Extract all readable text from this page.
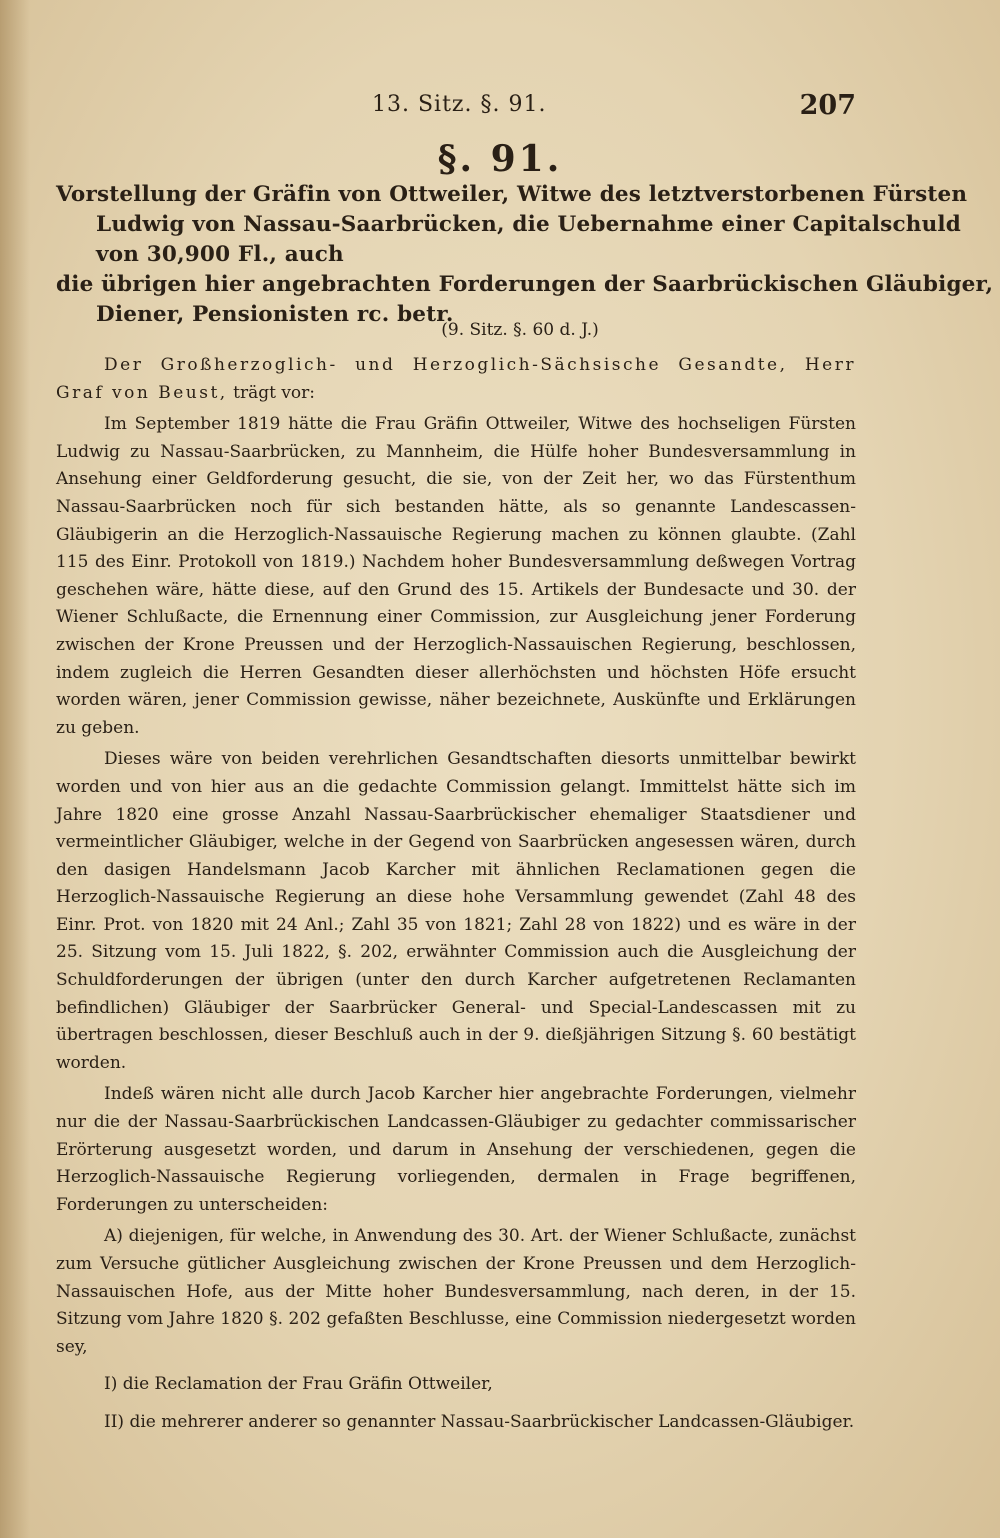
13. Sitz. §. 91.	207
§. 91.
Vorstellung der Gräfin von Ottweiler, Witwe des letztverstorbenen Fürsten
Ludwig von Nassau-Saarbrücken, die Uebernahme einer Capitalschuld
von 30,900 Fl., auch
die übrigen hier angebrachten Forderungen der Saarbrückischen Gläubiger,
Diener, Pensionisten rc. betr.
(9. Sitz. §. 60 d. J.)

Der Großherzoglich- und Herzoglich-Sächsische Gesandte, Herr Graf von Beust, trägt vor:

Im September 1819 hätte die Frau Gräfin Ottweiler, Witwe des hochseligen Fürsten Ludwig zu Nassau-Saarbrücken, zu Mannheim, die Hülfe hoher Bundesversammlung in Ansehung einer Geldforderung gesucht, die sie, von der Zeit her, wo das Fürstenthum Nassau-Saarbrücken noch für sich bestanden hätte, als so genannte Landescassen-Gläubigerin an die Herzoglich-Nassauische Regierung machen zu können glaubte. (Zahl 115 des Einr. Protokoll von 1819.) Nachdem hoher Bundesversammlung deßwegen Vortrag geschehen wäre, hätte diese, auf den Grund des 15. Artikels der Bundesacte und 30. der Wiener Schlußacte, die Ernennung einer Commission, zur Ausgleichung jener Forderung zwischen der Krone Preussen und der Herzoglich-Nassauischen Regierung, beschlossen, indem zugleich die Herren Gesandten dieser allerhöchsten und höchsten Höfe ersucht worden wären, jener Commission gewisse, näher bezeichnete, Auskünfte und Erklärungen zu geben.

Dieses wäre von beiden verehrlichen Gesandtschaften diesorts unmittelbar bewirkt worden und von hier aus an die gedachte Commission gelangt. Immittelst hätte sich im Jahre 1820 eine grosse Anzahl Nassau-Saarbrückischer ehemaliger Staatsdiener und vermeintlicher Gläubiger, welche in der Gegend von Saarbrücken angesessen wären, durch den dasigen Handelsmann Jacob Karcher mit ähnlichen Reclamationen gegen die Herzoglich-Nassauische Regierung an diese hohe Versammlung gewendet (Zahl 48 des Einr. Prot. von 1820 mit 24 Anl.; Zahl 35 von 1821; Zahl 28 von 1822) und es wäre in der 25. Sitzung vom 15. Juli 1822, §. 202, erwähnter Commission auch die Ausgleichung der Schuldforderungen der übrigen (unter den durch Karcher aufgetretenen Reclamanten befindlichen) Gläubiger der Saarbrücker General- und Special-Landescassen mit zu übertragen beschlossen, dieser Beschluß auch in der 9. dießjährigen Sitzung §. 60 bestätigt worden.

Indeß wären nicht alle durch Jacob Karcher hier angebrachte Forderungen, vielmehr nur die der Nassau-Saarbrückischen Landcassen-Gläubiger zu gedachter commissarischer Erörterung ausgesetzt worden, und darum in Ansehung der verschiedenen, gegen die Herzoglich-Nassauische Regierung vorliegenden, dermalen in Frage begriffenen, Forderungen zu unterscheiden:

A) diejenigen, für welche, in Anwendung des 30. Art. der Wiener Schlußacte, zunächst zum Versuche gütlicher Ausgleichung zwischen der Krone Preussen und dem Herzoglich-Nassauischen Hofe, aus der Mitte hoher Bundesversammlung, nach deren, in der 15. Sitzung vom Jahre 1820 §. 202 gefaßten Beschlusse, eine Commission niedergesetzt worden sey,

I) die Reclamation der Frau Gräfin Ottweiler,

II) die mehrerer anderer so genannter Nassau-Saarbrückischer Landcassen-Gläubiger.
